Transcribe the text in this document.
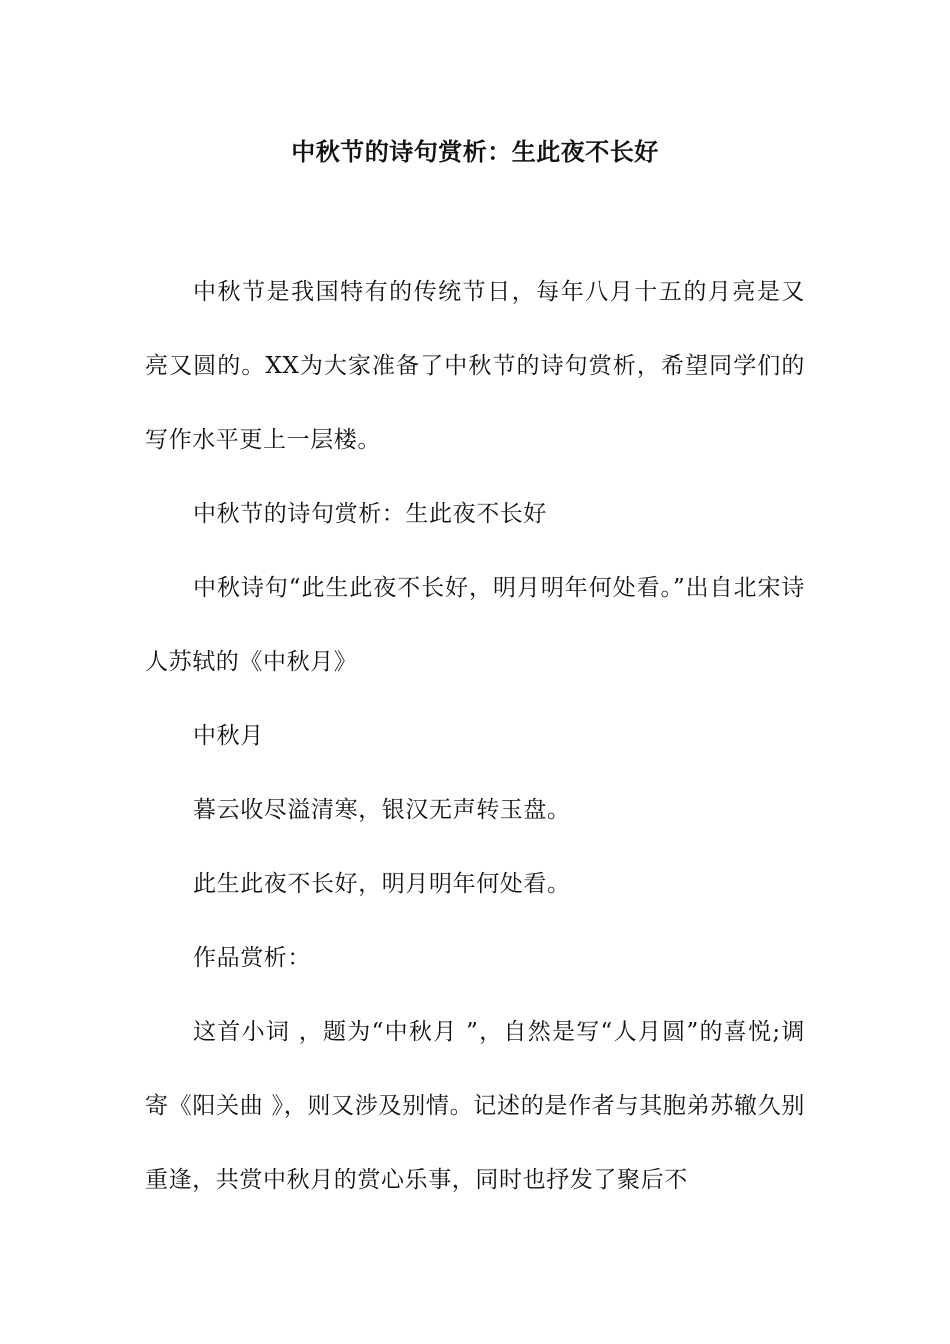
中秋节的诗句赏析：生此夜不长好

中秋节是我国特有的传统节日，每年八月十五的月亮是又亮又圆的。XX为大家准备了中秋节的诗句赏析，希望同学们的写作水平更上一层楼。

中秋节的诗句赏析：生此夜不长好

中秋诗句“此生此夜不长好，明月明年何处看。”出自北宋诗人苏轼的《中秋月》

中秋月

暮云收尽溢清寒，银汉无声转玉盘。

此生此夜不长好，明月明年何处看。

作品赏析：

这首小词 ，题为“中秋月 ”，自然是写“人月圆”的喜悦;调寄《阳关曲 》，则又涉及别情。记述的是作者与其胞弟苏辙久别重逢，共赏中秋月的赏心乐事，同时也抒发了聚后不
